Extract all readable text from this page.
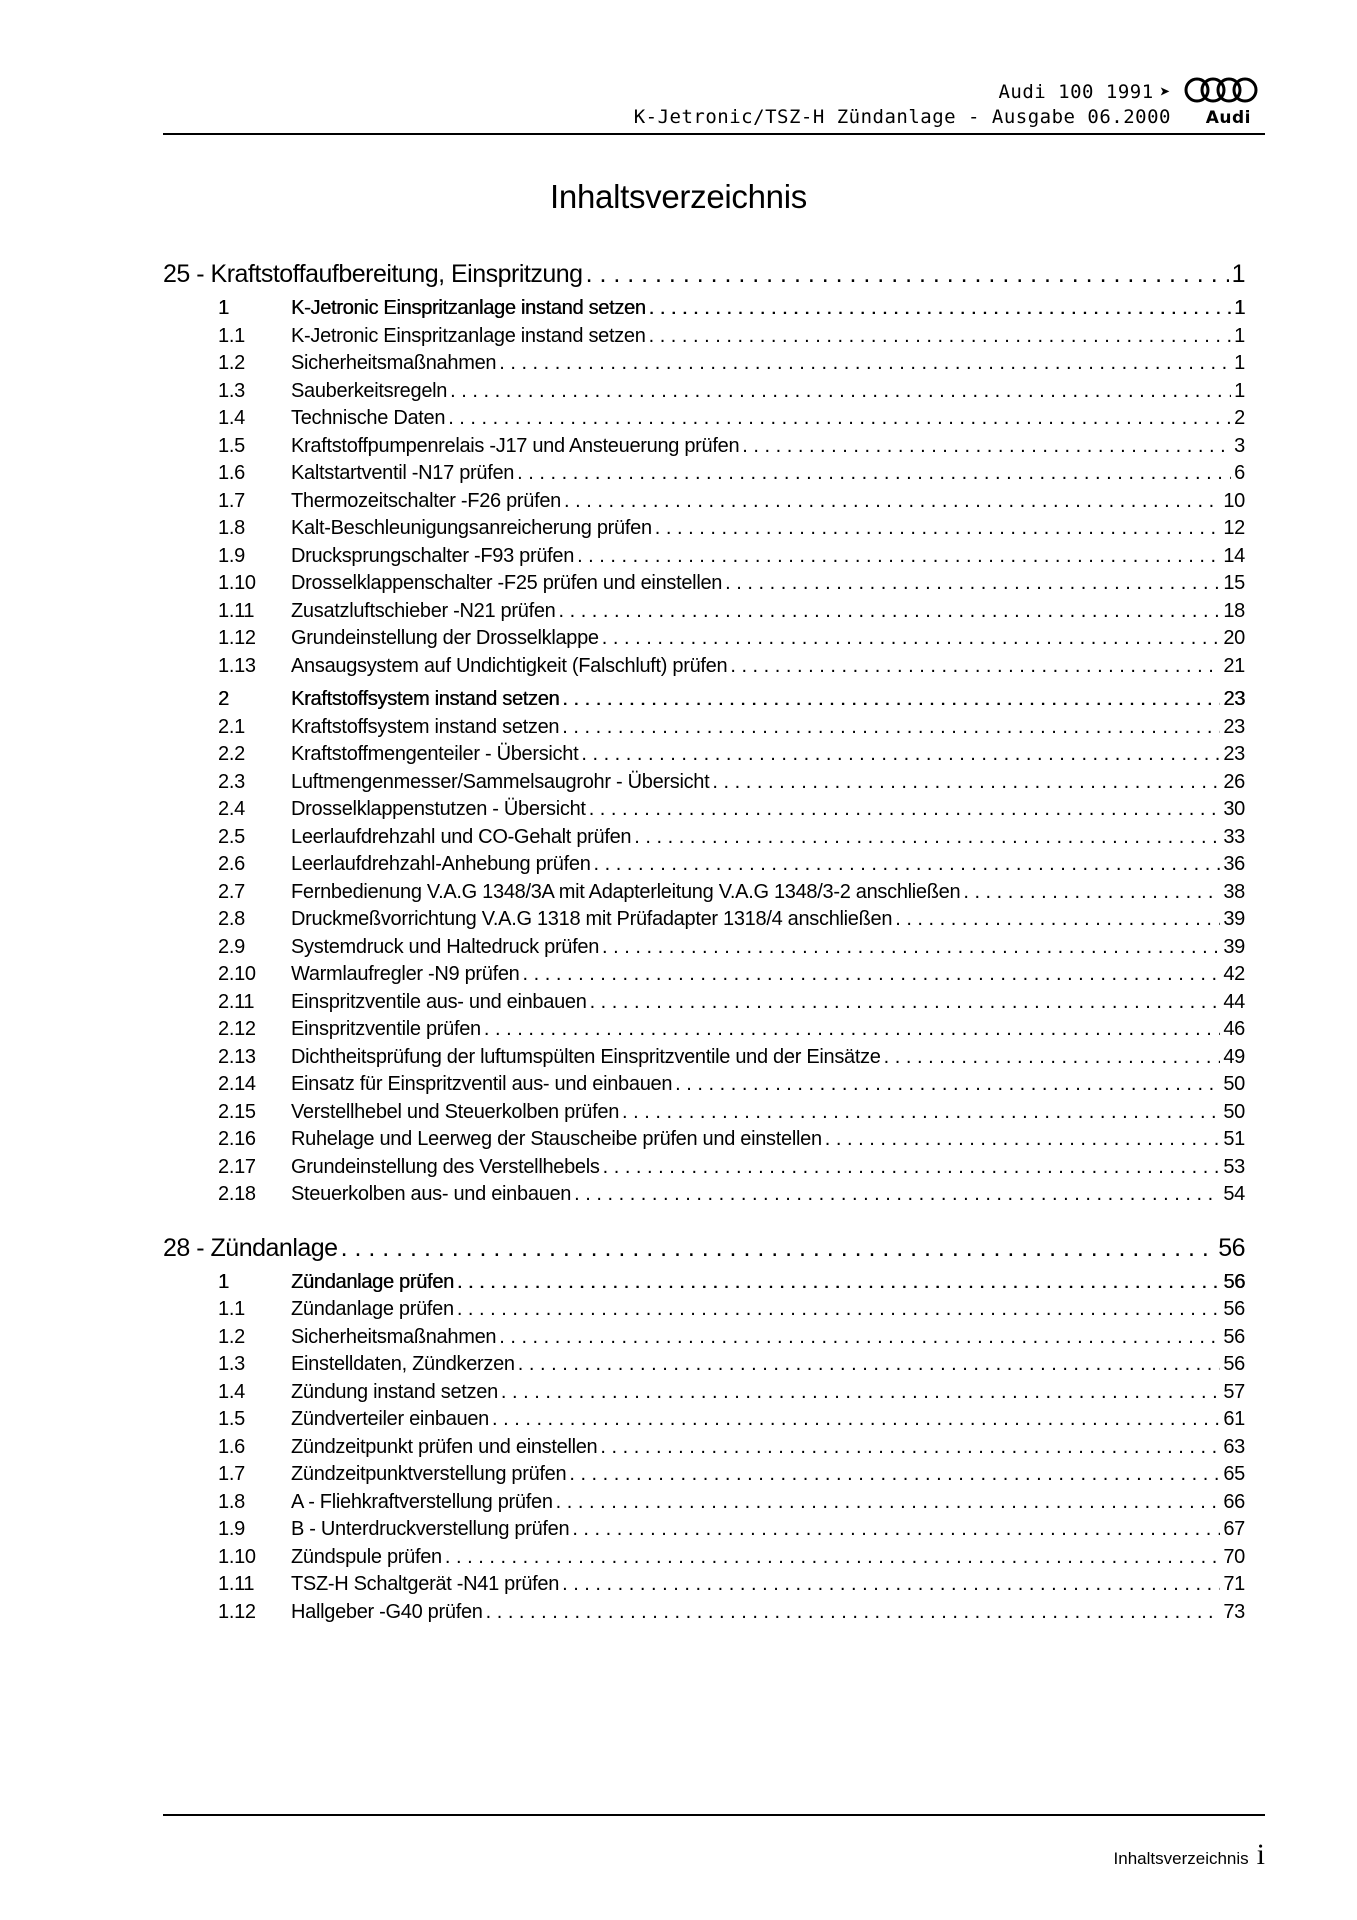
Audi 100 1991 ➤
K-Jetronic/TSZ-H Zündanlage - Ausgabe 06.2000 Audi
Inhaltsverzeichnis
25 - Kraftstoffaufbereitung, Einspritzung . . .	1
1	K-Jetronic Einspritzanlage instand setzen . . .	1
1.1	K-Jetronic Einspritzanlage instand setzen . . .	1
1.2	Sicherheitsmaßnahmen . . .	1
1.3	Sauberkeitsregeln . . .	1
1.4	Technische Daten . . .	2
1.5	Kraftstoffpumpenrelais -J17 und Ansteuerung prüfen . . .	3
1.6	Kaltstartventil -N17 prüfen . . .	6
1.7	Thermozeitschalter -F26 prüfen . . .	10
1.8	Kalt-Beschleunigungsanreicherung prüfen . . .	12
1.9	Drucksprungschalter -F93 prüfen . . .	14
1.10	Drosselklappenschalter -F25 prüfen und einstellen . . .	15
1.11	Zusatzluftschieber -N21 prüfen . . .	18
1.12	Grundeinstellung der Drosselklappe . . .	20
1.13	Ansaugsystem auf Undichtigkeit (Falschluft) prüfen . . .	21
2	Kraftstoffsystem instand setzen . . .	23
2.1	Kraftstoffsystem instand setzen . . .	23
2.2	Kraftstoffmengenteiler - Übersicht . . .	23
2.3	Luftmengenmesser/Sammelsaugrohr - Übersicht . . .	26
2.4	Drosselklappenstutzen - Übersicht . . .	30
2.5	Leerlaufdrehzahl und CO-Gehalt prüfen . . .	33
2.6	Leerlaufdrehzahl-Anhebung prüfen . . .	36
2.7	Fernbedienung V.A.G 1348/3A mit Adapterleitung V.A.G 1348/3-2 anschließen . . .	38
2.8	Druckmeßvorrichtung V.A.G 1318 mit Prüfadapter 1318/4 anschließen . . .	39
2.9	Systemdruck und Haltedruck prüfen . . .	39
2.10	Warmlaufregler -N9 prüfen . . .	42
2.11	Einspritzventile aus- und einbauen . . .	44
2.12	Einspritzventile prüfen . . .	46
2.13	Dichtheitsprüfung der luftumspülten Einspritzventile und der Einsätze . . .	49
2.14	Einsatz für Einspritzventil aus- und einbauen . . .	50
2.15	Verstellhebel und Steuerkolben prüfen . . .	50
2.16	Ruhelage und Leerweg der Stauscheibe prüfen und einstellen . . .	51
2.17	Grundeinstellung des Verstellhebels . . .	53
2.18	Steuerkolben aus- und einbauen . . .	54
28 - Zündanlage . . .	56
1	Zündanlage prüfen . . .	56
1.1	Zündanlage prüfen . . .	56
1.2	Sicherheitsmaßnahmen . . .	56
1.3	Einstelldaten, Zündkerzen . . .	56
1.4	Zündung instand setzen . . .	57
1.5	Zündverteiler einbauen . . .	61
1.6	Zündzeitpunkt prüfen und einstellen . . .	63
1.7	Zündzeitpunktverstellung prüfen . . .	65
1.8	A - Fliehkraftverstellung prüfen . . .	66
1.9	B - Unterdruckverstellung prüfen . . .	67
1.10	Zündspule prüfen . . .	70
1.11	TSZ-H Schaltgerät -N41 prüfen . . .	71
1.12	Hallgeber -G40 prüfen . . .	73
Inhaltsverzeichnis i
